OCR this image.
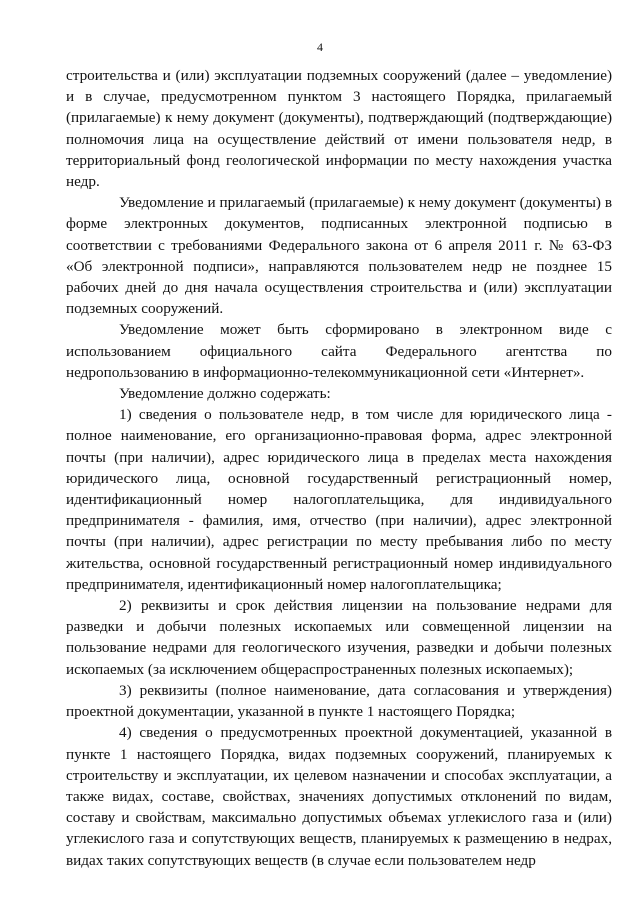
4

строительства и (или) эксплуатации подземных сооружений (далее – уведомление) и в случае, предусмотренном пунктом 3 настоящего Порядка, прилагаемый (прилагаемые) к нему документ (документы), подтверждающий (подтверждающие) полномочия лица на осуществление действий от имени пользователя недр, в территориальный фонд геологической информации по месту нахождения участка недр.

Уведомление и прилагаемый (прилагаемые) к нему документ (документы) в форме электронных документов, подписанных электронной подписью в соответствии с требованиями Федерального закона от 6 апреля 2011 г. № 63-ФЗ «Об электронной подписи», направляются пользователем недр не позднее 15 рабочих дней до дня начала осуществления строительства и (или) эксплуатации подземных сооружений.

Уведомление может быть сформировано в электронном виде с использованием официального сайта Федерального агентства по недропользованию в информационно-телекоммуникационной сети «Интернет».

Уведомление должно содержать:

1) сведения о пользователе недр, в том числе для юридического лица - полное наименование, его организационно-правовая форма, адрес электронной почты (при наличии), адрес юридического лица в пределах места нахождения юридического лица, основной государственный регистрационный номер, идентификационный номер налогоплательщика, для индивидуального предпринимателя - фамилия, имя, отчество (при наличии), адрес электронной почты (при наличии), адрес регистрации по месту пребывания либо по месту жительства, основной государственный регистрационный номер индивидуального предпринимателя, идентификационный номер налогоплательщика;

2) реквизиты и срок действия лицензии на пользование недрами для разведки и добычи полезных ископаемых или совмещенной лицензии на пользование недрами для геологического изучения, разведки и добычи полезных ископаемых (за исключением общераспространенных полезных ископаемых);

3) реквизиты (полное наименование, дата согласования и утверждения) проектной документации, указанной в пункте 1 настоящего Порядка;

4) сведения о предусмотренных проектной документацией, указанной в пункте 1 настоящего Порядка, видах подземных сооружений, планируемых к строительству и эксплуатации, их целевом назначении и способах эксплуатации, а также видах, составе, свойствах, значениях допустимых отклонений по видам, составу и свойствам, максимально допустимых объемах углекислого газа и (или) углекислого газа и сопутствующих веществ, планируемых к размещению в недрах, видах таких сопутствующих веществ (в случае если пользователем недр
